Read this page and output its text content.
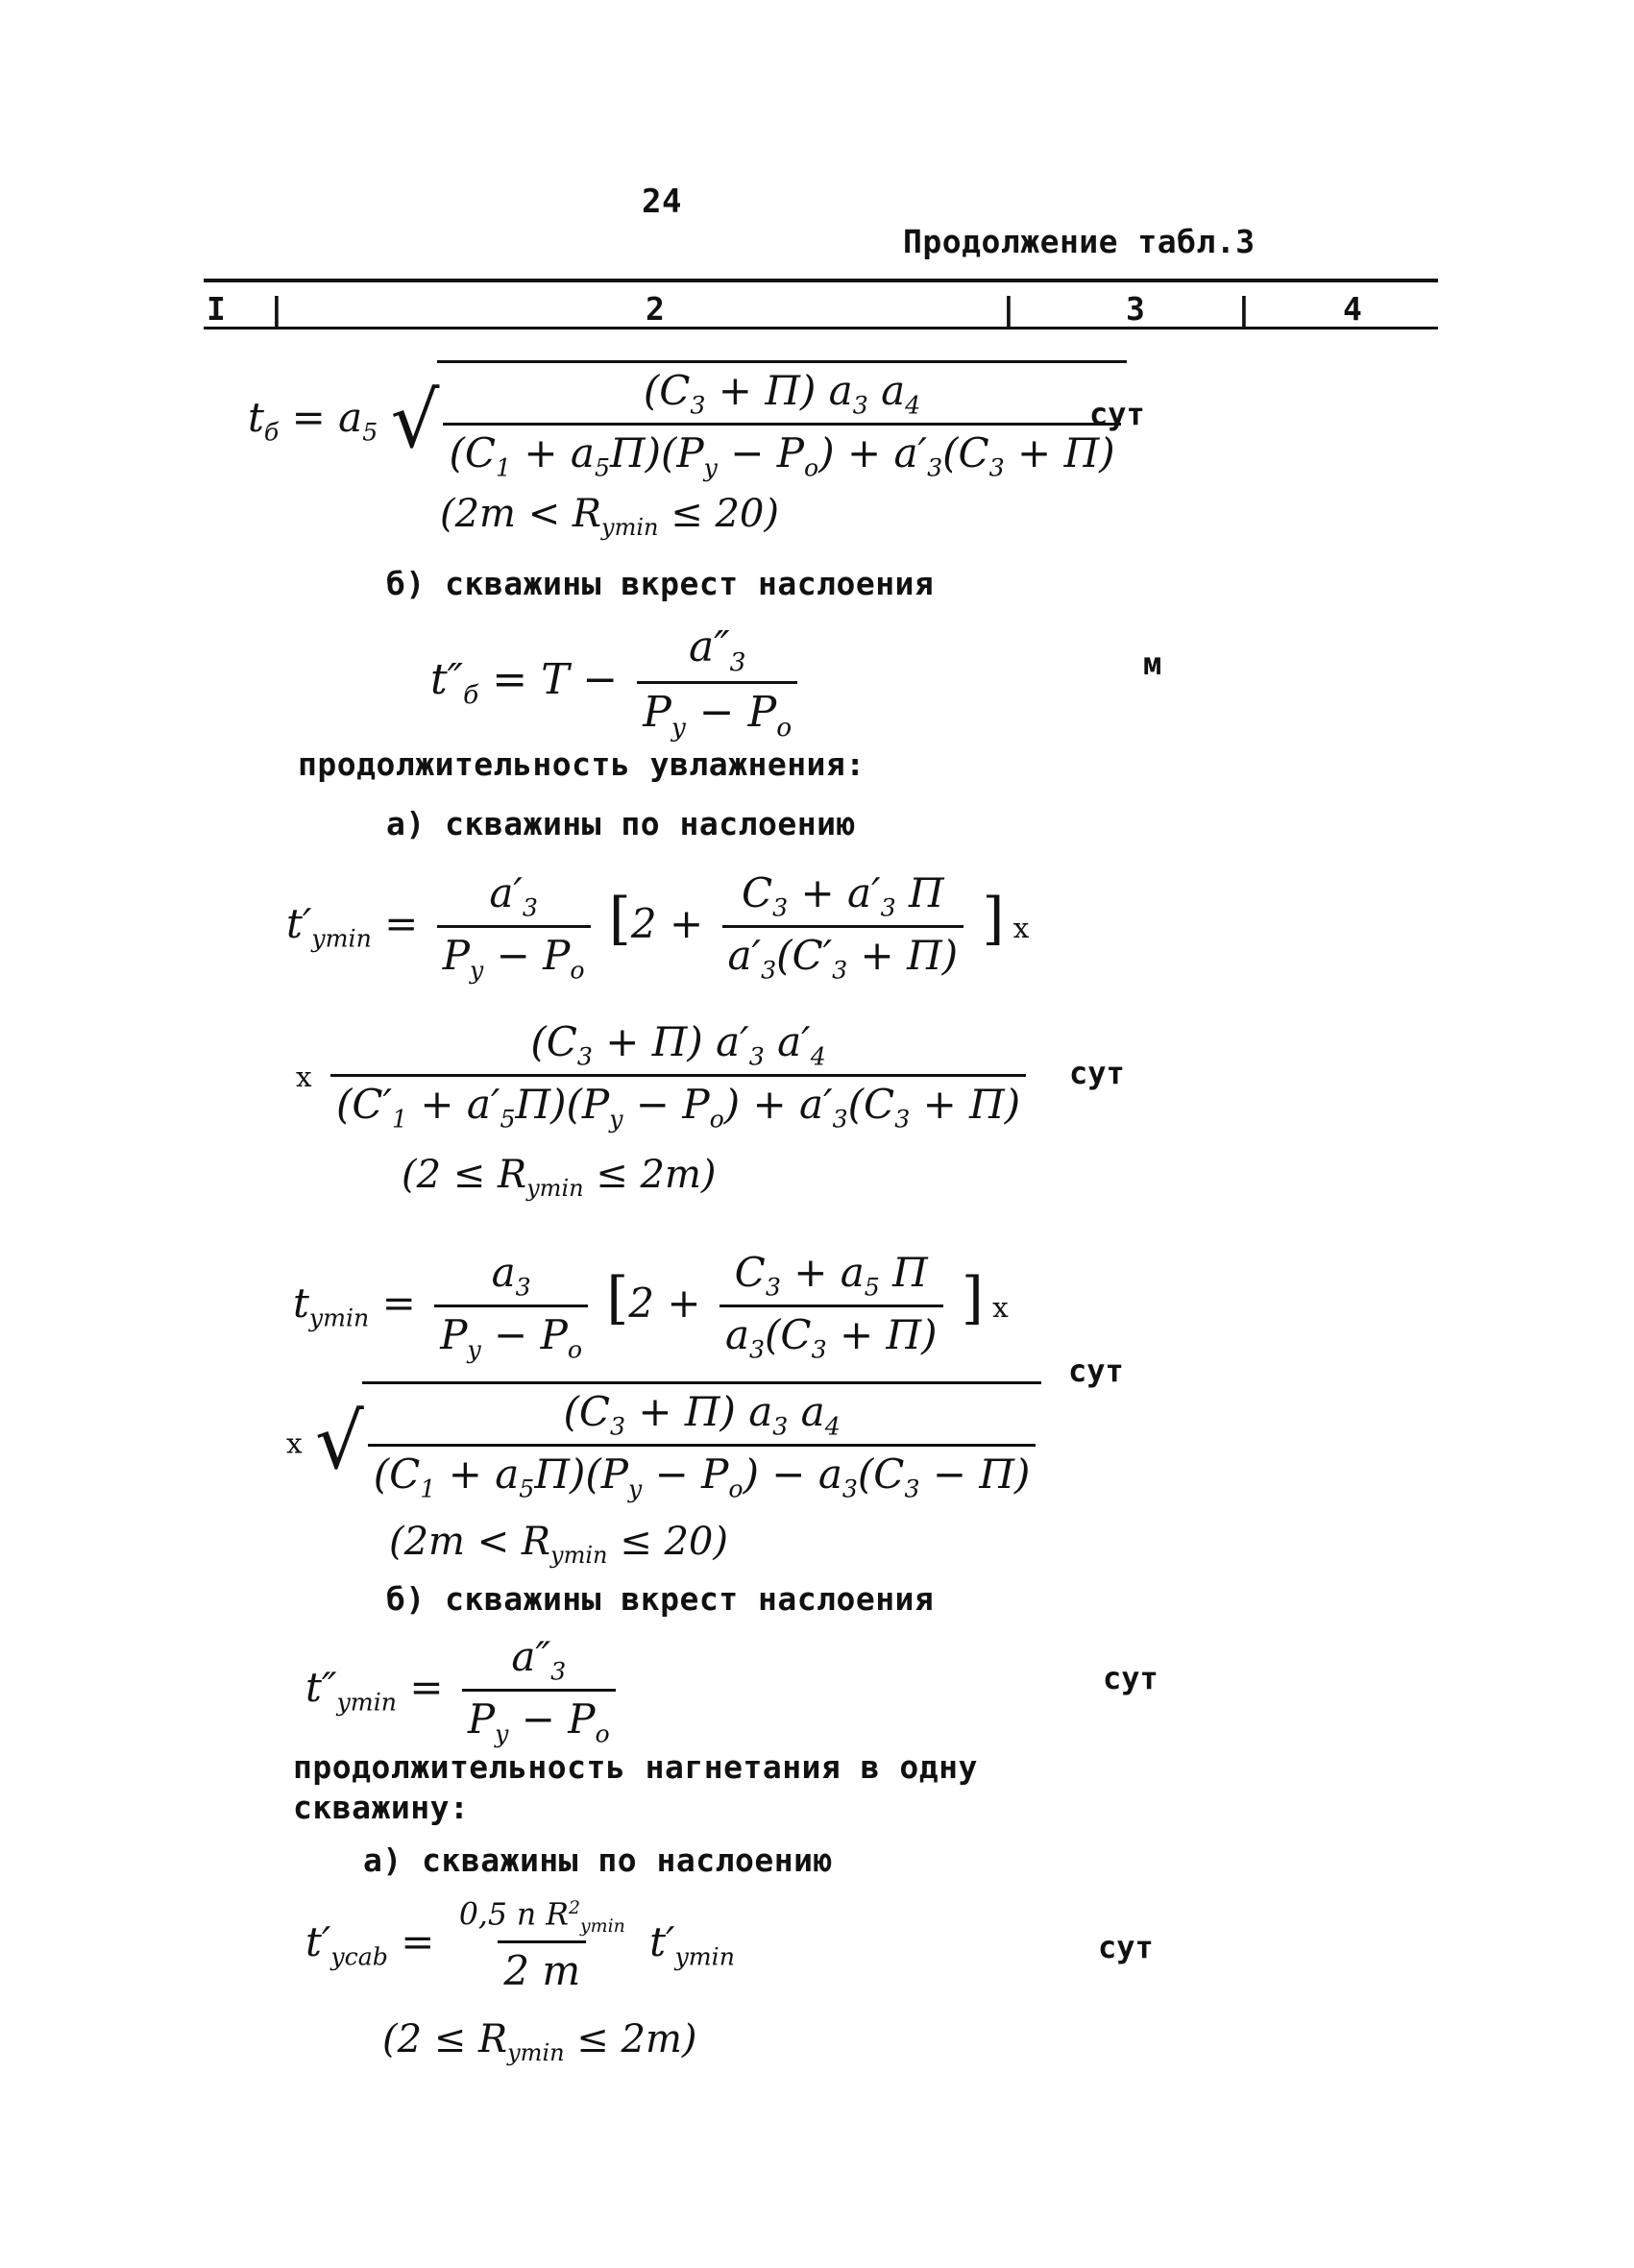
24
Продолжение табл.3
I |	2	|	3	|	4
$t_б = a_5$ √ $\frac{(C_3 + П) a_3 a_4}{(C_1 + a_5П)(P_y - P_o) + a'_3(C_3 + П)}$
сут
$(2m < R_{ymin} \le 20)$
б) скважины вкрест наслоения
$t''_б = T - \frac{a''_3}{P_y - P_o}$	м
продолжительность увлажнения:
а) скважины по наслоению
$t'_{ymin} = \frac{a'_3}{P_y - P_o} [2 + \frac{C_3 + a'_3 П}{a'_3(C'_3 + П)}$ ] x
x $\frac{(C_3 + П) a'_3 a'_4}{(C'_1 + a'_5П)(P_y - P_o) + a'_3(C_3 + П)}$ сут
$(2 \le R_{ymin} \le 2m)$
$t_{ymin} = \frac{a_3}{P_y - P_o} [2 + \frac{C_3 + a_5 П}{a_3(C_3 + П)}$ ] x
сут
x √ $\frac{(C_3 + П) a_3 a_4}{(C_1 + a_5П)(P_y - P_o) - a_3(C_3 - П)}$
$(2m < R_{ymin} \le 20)$
б) скважины вкрест наслоения
$t''_{ymin} = \frac{a''_3}{P_y - P_o}$	сут
продолжительность нагнетания в одну
скважину:
а) скважины по наслоению
$t'_{ycab} = \frac{0,5 n R^2_{ymin}}{2 m} t'_{ymin}$	сут
$(2 \le R_{ymin} \le 2m)$
